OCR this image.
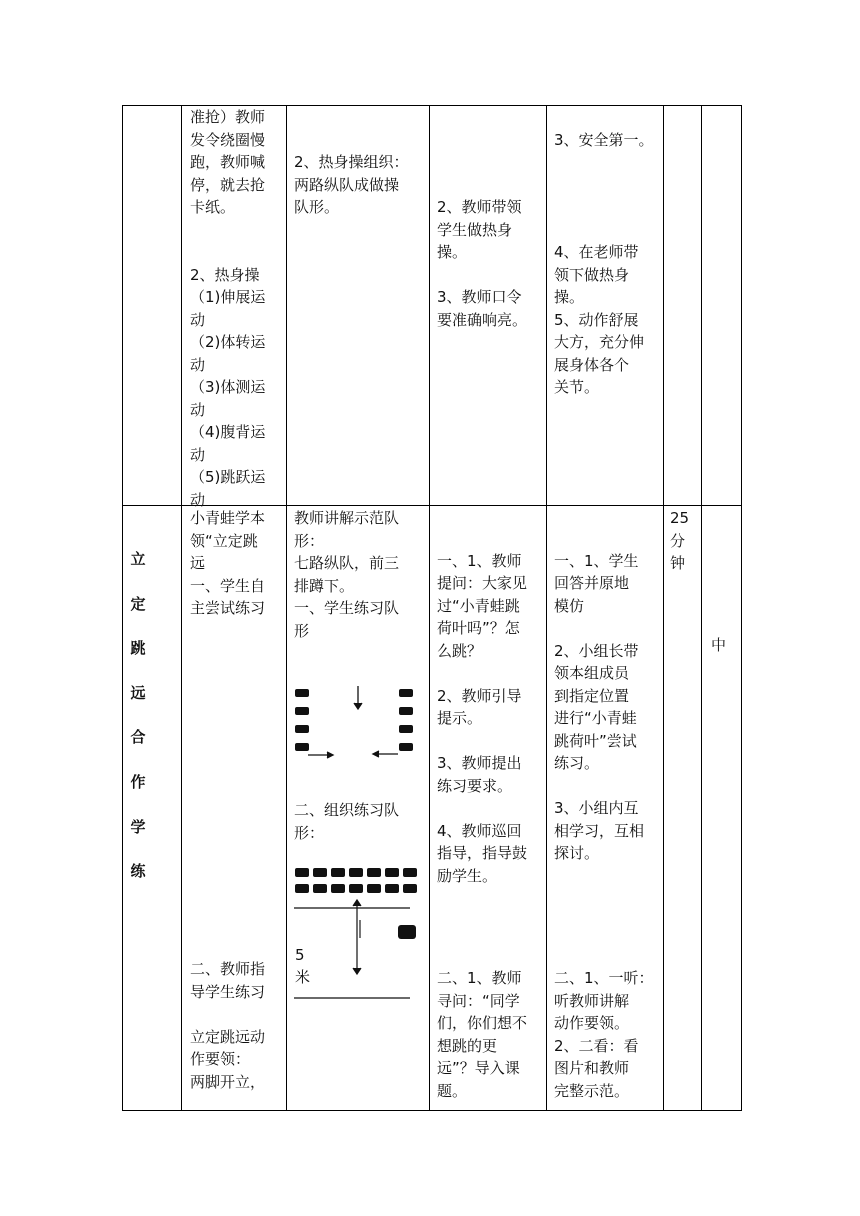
准抢）教师
发令绕圈慢
跑，教师喊
停，就去抢
卡纸。

2、热身操
（1)伸展运
动
（2)体转运
动
（3)体测运
动
（4)腹背运
动
（5)跳跃运
动

2、热身操组织：
两路纵队成做操
队形。	

2、教师带领
学生做热身
操。

3、教师口令
要准确响亮。

3、安全第一。

4、在老师带
领下做热身
操。
5、动作舒展
大方，充分伸
展身体各个
关节。
立
定
跳
远
合
作
学
练
小青蛙学本
领“立定跳
远
一、学生自
主尝试练习
二、教师指
导学生练习

立定跳远动
作要领：
两脚开立，
教师讲解示范队
形：
七路纵队，前三
排蹲下。
一、学生练习队
形
二、组织练习队
形：
5
米

一、1、教师
提问：大家见
过“小青蛙跳
荷叶吗”？怎
么跳？

2、教师引导
提示。

3、教师提出
练习要求。

4、教师巡回
指导，指导鼓
励学生。
二、1、教师
寻问：“同学
们，你们想不
想跳的更
远”？导入课
题。

一、1、学生
回答并原地
模仿

2、小组长带
领本组成员
到指定位置
进行“小青蛙
跳荷叶”尝试
练习。

3、小组内互
相学习，互相
探讨。
二、1、一听：
听教师讲解
动作要领。
2、二看：看
图片和教师
完整示范。
25
分
钟
中
